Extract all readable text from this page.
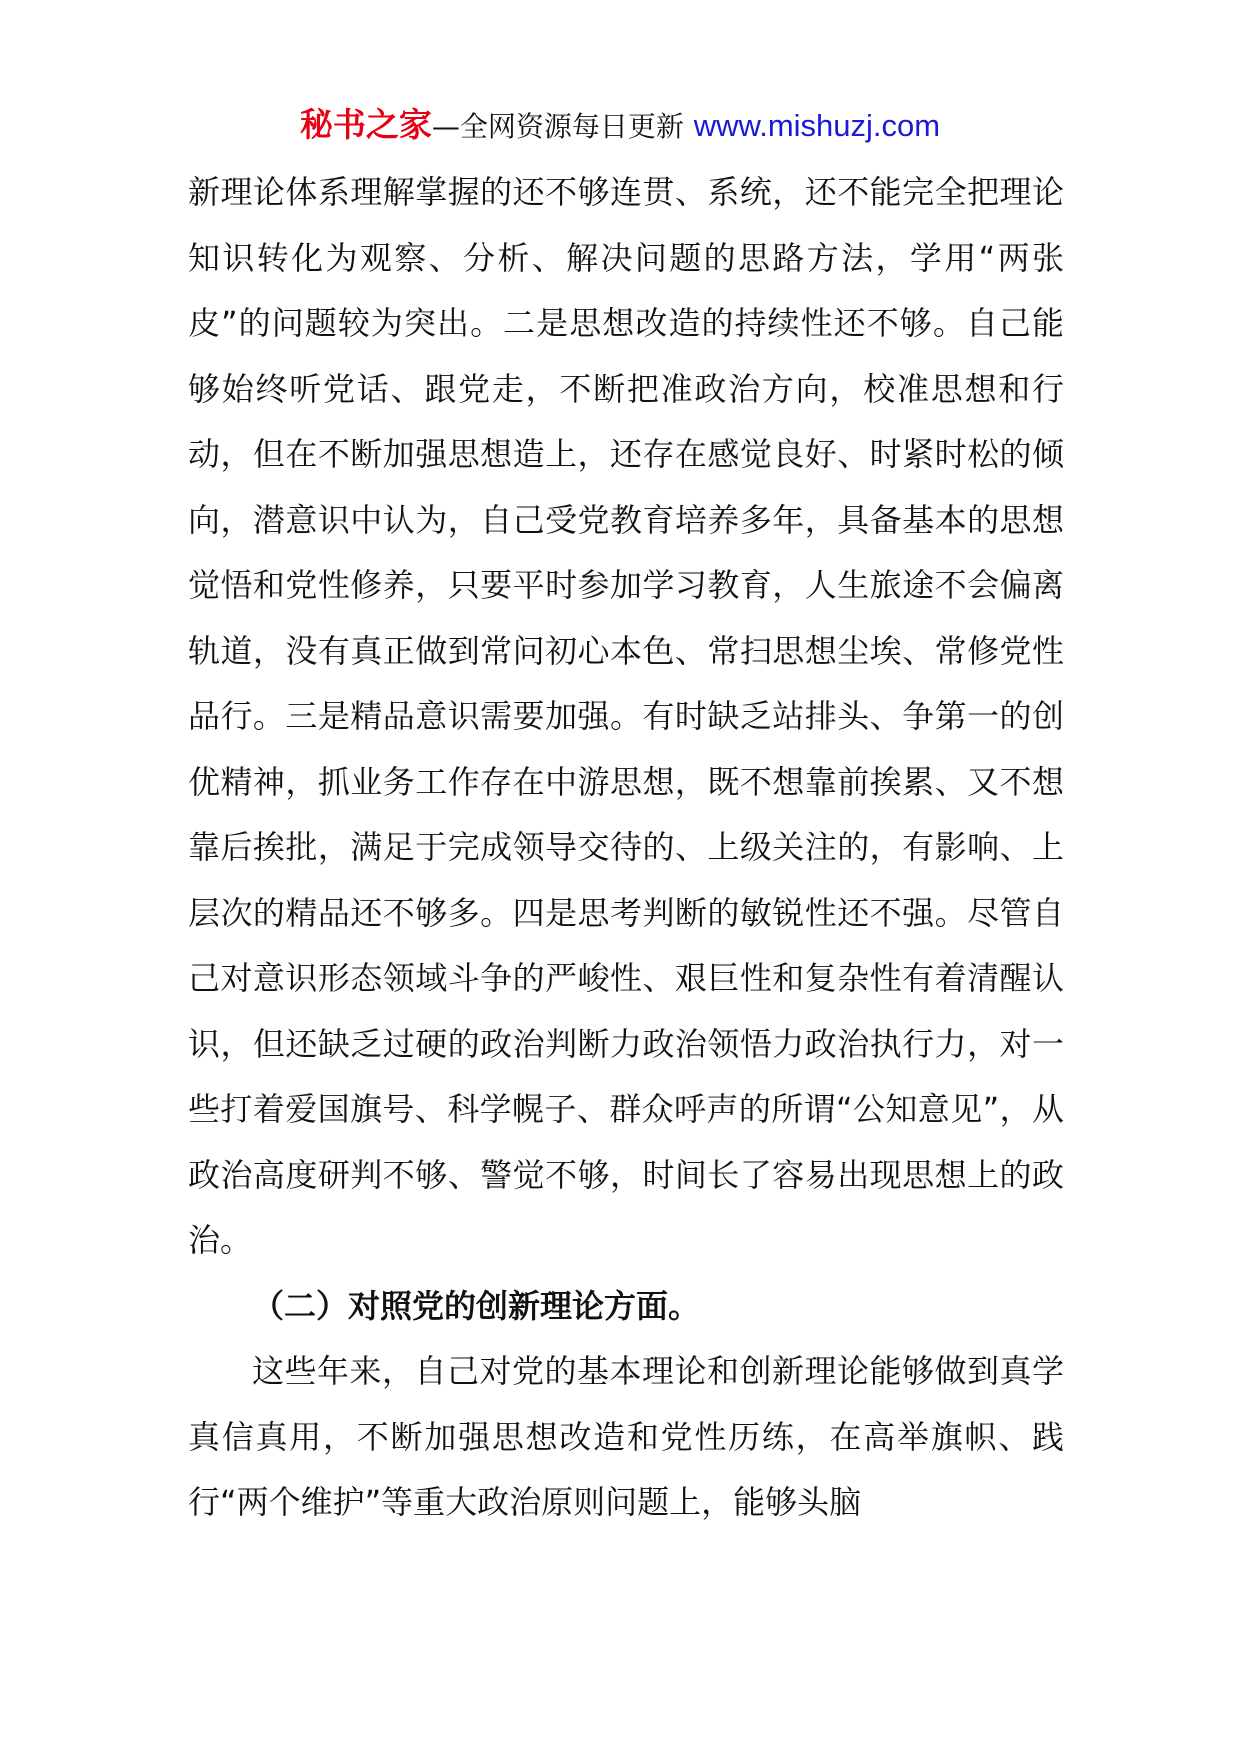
秘书之家—全网资源每日更新 www.mishuzj.com

新理论体系理解掌握的还不够连贯、系统，还不能完全把理论知识转化为观察、分析、解决问题的思路方法，学用“两张皮”的问题较为突出。二是思想改造的持续性还不够。自己能够始终听党话、跟党走，不断把准政治方向，校准思想和行动，但在不断加强思想造上，还存在感觉良好、时紧时松的倾向，潜意识中认为，自己受党教育培养多年，具备基本的思想觉悟和党性修养，只要平时参加学习教育，人生旅途不会偏离轨道，没有真正做到常问初心本色、常扫思想尘埃、常修党性品行。三是精品意识需要加强。有时缺乏站排头、争第一的创优精神，抓业务工作存在中游思想，既不想靠前挨累、又不想靠后挨批，满足于完成领导交待的、上级关注的，有影响、上层次的精品还不够多。四是思考判断的敏锐性还不强。尽管自己对意识形态领域斗争的严峻性、艰巨性和复杂性有着清醒认识，但还缺乏过硬的政治判断力政治领悟力政治执行力，对一些打着爱国旗号、科学幌子、群众呼声的所谓“公知意见”，从政治高度研判不够、警觉不够，时间长了容易出现思想上的政治。

（二）对照党的创新理论方面。

这些年来，自己对党的基本理论和创新理论能够做到真学真信真用，不断加强思想改造和党性历练，在高举旗帜、践行“两个维护”等重大政治原则问题上，能够头脑
